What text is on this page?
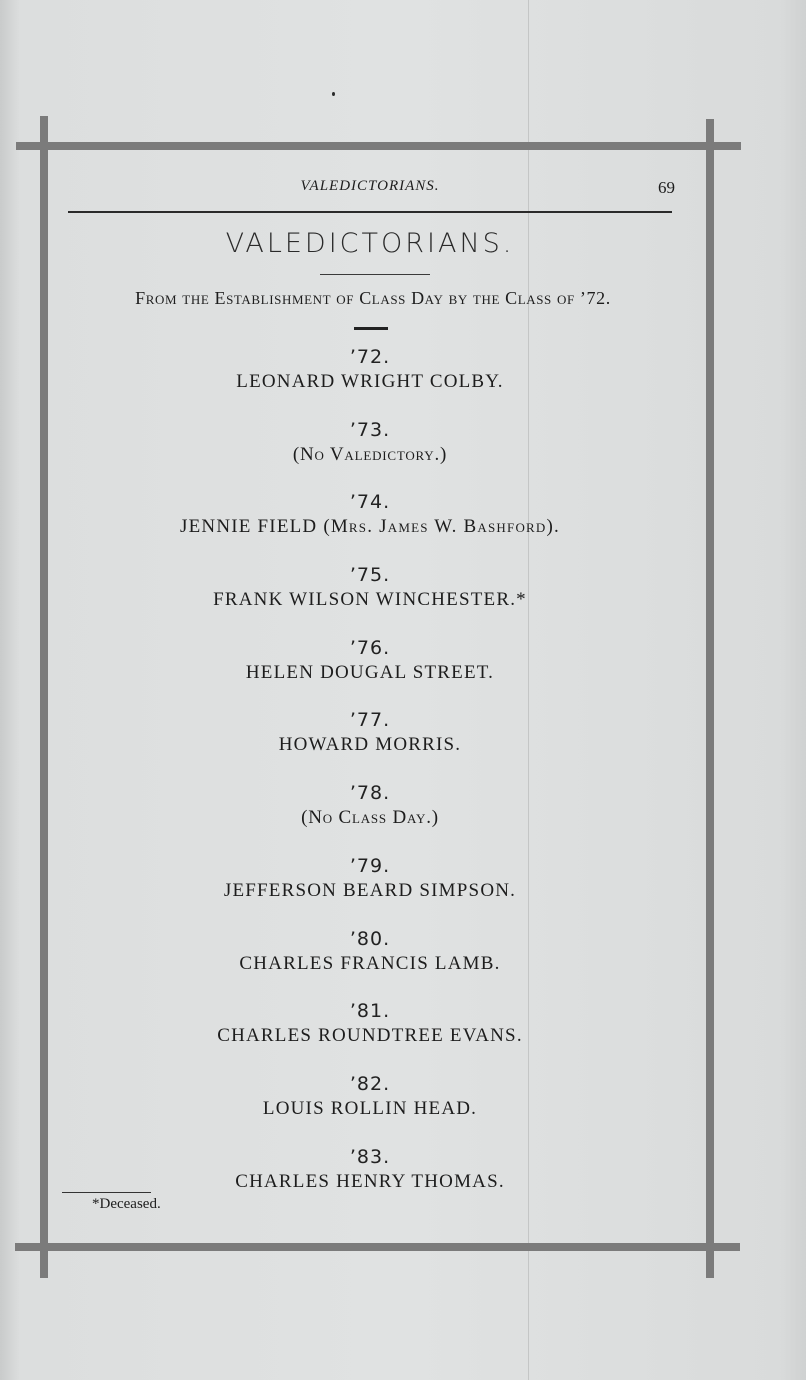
VALEDICTORIANS.	69
VALEDICTORIANS.
From the Establishment of Class Day by the Class of ’72.
’72.
LEONARD WRIGHT COLBY.
’73.
(No Valedictory.)
’74.
JENNIE FIELD (Mrs. James W. Bashford).
’75.
FRANK WILSON WINCHESTER.*
’76.
HELEN DOUGAL STREET.
’77.
HOWARD MORRIS.
’78.
(No Class Day.)
’79.
JEFFERSON BEARD SIMPSON.
’80.
CHARLES FRANCIS LAMB.
’81.
CHARLES ROUNDTREE EVANS.
’82.
LOUIS ROLLIN HEAD.
’83.
CHARLES HENRY THOMAS.
*Deceased.
